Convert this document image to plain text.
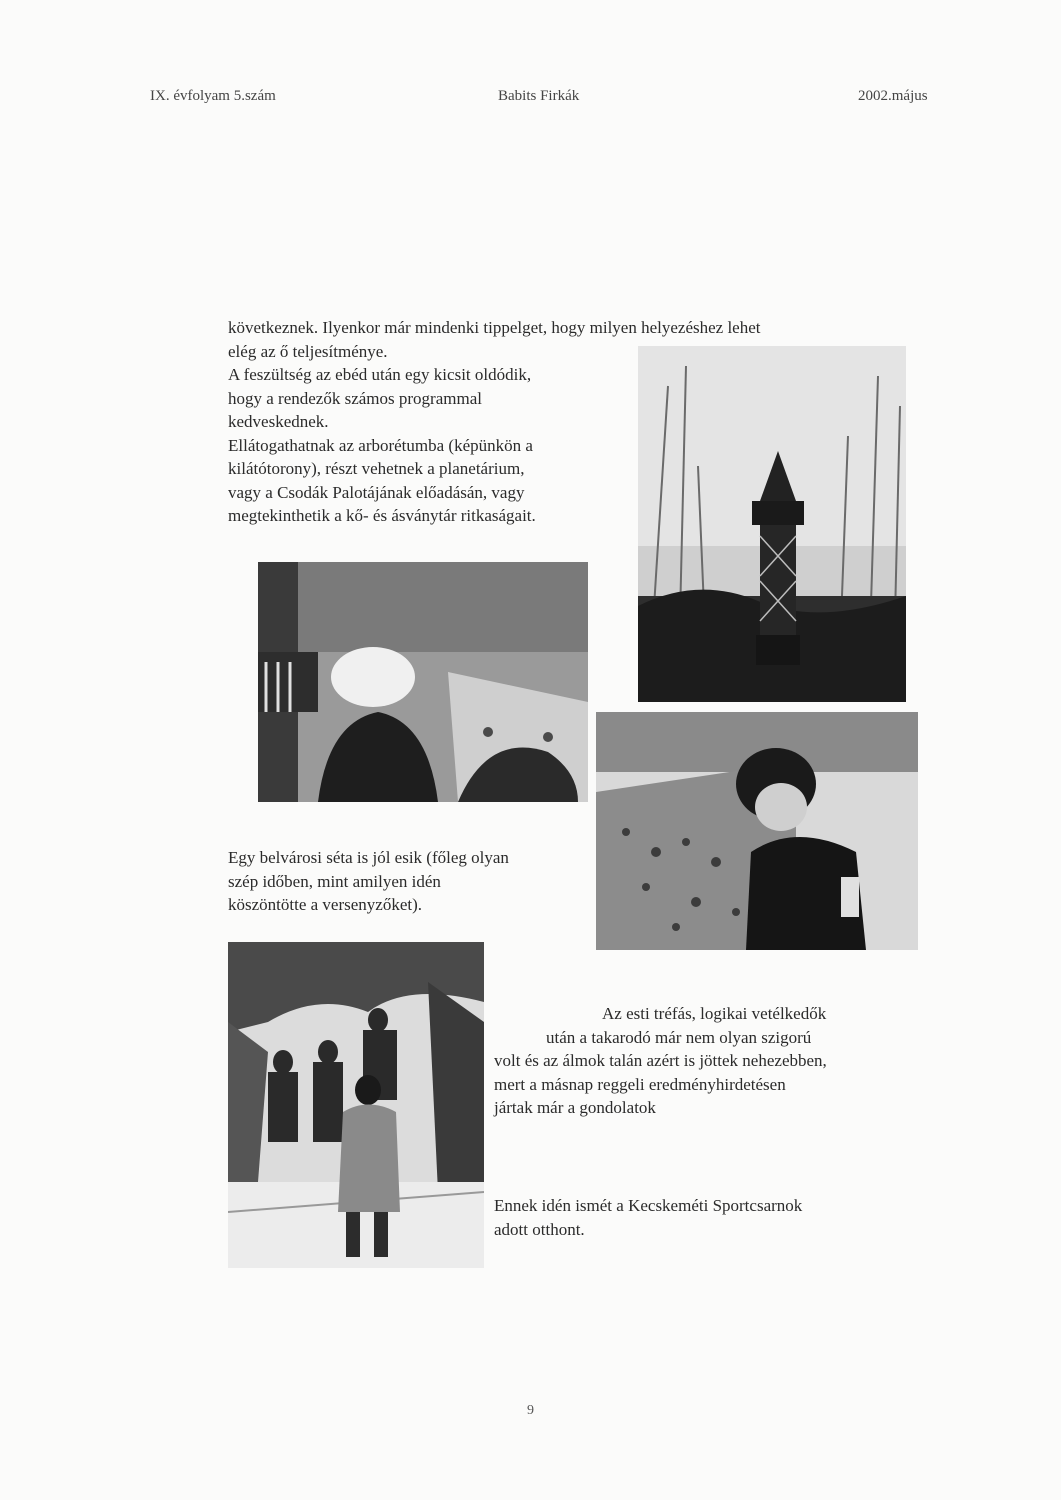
IX. évfolyam 5.szám	Babits Firkák	2002.május
következnek. Ilyenkor már mindenki tippelget, hogy milyen helyezéshez lehet
elég az ő teljesítménye.
A feszültség az ebéd után egy kicsit oldódik,
hogy a rendezők számos programmal
kedveskednek.
Ellátogathatnak az arborétumba (képünkön a
kilátótorony), részt vehetnek a planetárium,
vagy a Csodák Palotájának előadásán, vagy
megtekinthetik a kő- és ásványtár ritkaságait.
Egy belvárosi séta is jól esik (főleg olyan
szép időben, mint amilyen idén
köszöntötte a versenyzőket).
Az esti tréfás, logikai vetélkedők
után a takarodó már nem olyan szigorú
volt és az álmok talán azért is jöttek nehezebben,
mert a másnap reggeli eredményhirdetésen
jártak már a gondolatok
Ennek idén ismét a Kecskeméti Sportcsarnok
adott otthont.
9
